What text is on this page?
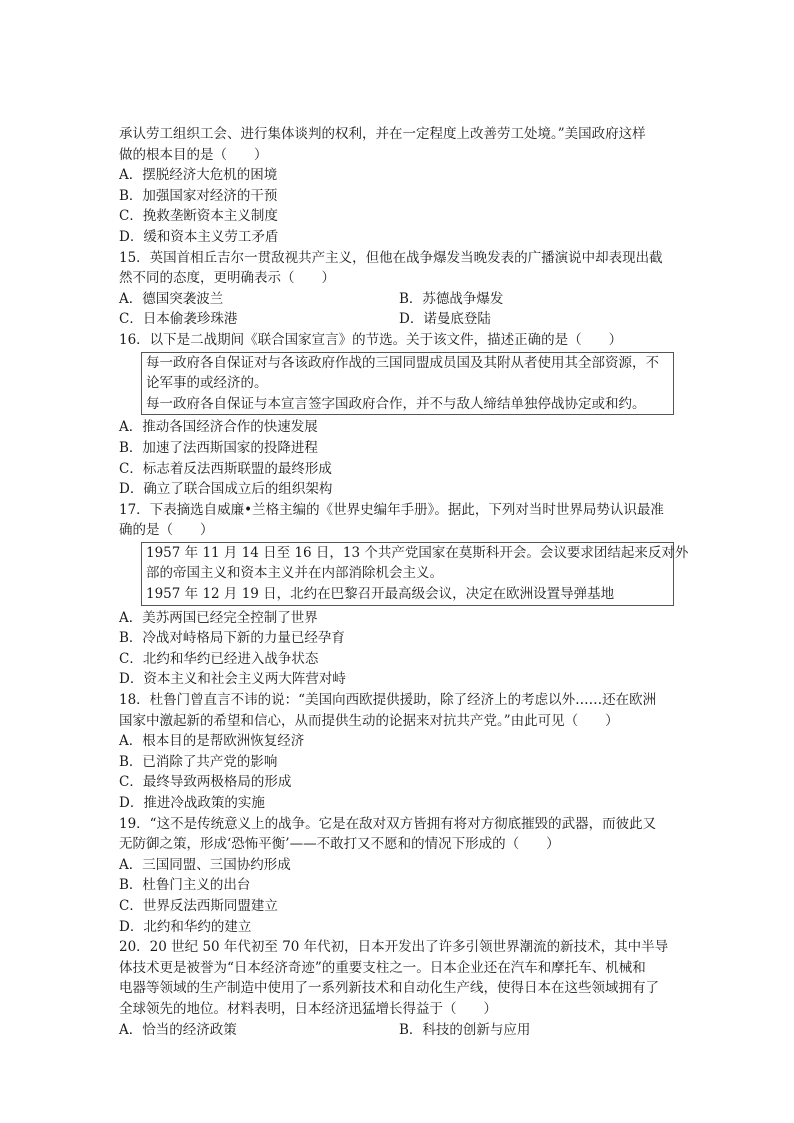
承认劳工组织工会、进行集体谈判的权利，并在一定程度上改善劳工处境。”美国政府这样
做的根本目的是（　　）
A．摆脱经济大危机的困境
B．加强国家对经济的干预
C．挽救垄断资本主义制度
D．缓和资本主义劳工矛盾
15．英国首相丘吉尔一贯敌视共产主义，但他在战争爆发当晚发表的广播演说中却表现出截
然不同的态度，更明确表示（　　）
A．德国突袭波兰	B．苏德战争爆发
C．日本偷袭珍珠港	D．诺曼底登陆
16．以下是二战期间《联合国家宣言》的节选。关于该文件，描述正确的是（　　）
每一政府各自保证对与各该政府作战的三国同盟成员国及其附从者使用其全部资源，不
论军事的或经济的。
每一政府各自保证与本宣言签字国政府合作，并不与敌人缔结单独停战协定或和约。
A．推动各国经济合作的快速发展
B．加速了法西斯国家的投降进程
C．标志着反法西斯联盟的最终形成
D．确立了联合国成立后的组织架构
17．下表摘选自威廉•兰格主编的《世界史编年手册》。据此，下列对当时世界局势认识最准
确的是（　　）
1957 年 11 月 14 日至 16 日，13 个共产党国家在莫斯科开会。会议要求团结起来反对外
部的帝国主义和资本主义并在内部消除机会主义。
1957 年 12 月 19 日，北约在巴黎召开最高级会议，决定在欧洲设置导弹基地
A．美苏两国已经完全控制了世界
B．冷战对峙格局下新的力量已经孕育
C．北约和华约已经进入战争状态
D．资本主义和社会主义两大阵营对峙
18．杜鲁门曾直言不讳的说：“美国向西欧提供援助，除了经济上的考虑以外……还在欧洲
国家中激起新的希望和信心，从而提供生动的论据来对抗共产党。”由此可见（　　）
A．根本目的是帮欧洲恢复经济
B．已消除了共产党的影响
C．最终导致两极格局的形成
D．推进冷战政策的实施
19．“这不是传统意义上的战争。它是在敌对双方皆拥有将对方彻底摧毁的武器，而彼此又
无防御之策，形成‘恐怖平衡’——不敢打又不愿和的情况下形成的（　　）
A．三国同盟、三国协约形成
B．杜鲁门主义的出台
C．世界反法西斯同盟建立
D．北约和华约的建立
20．20 世纪 50 年代初至 70 年代初，日本开发出了许多引领世界潮流的新技术，其中半导
体技术更是被誉为“日本经济奇迹”的重要支柱之一。日本企业还在汽车和摩托车、机械和
电器等领域的生产制造中使用了一系列新技术和自动化生产线，使得日本在这些领域拥有了
全球领先的地位。材料表明，日本经济迅猛增长得益于（　　）
A．恰当的经济政策	B．科技的创新与应用
